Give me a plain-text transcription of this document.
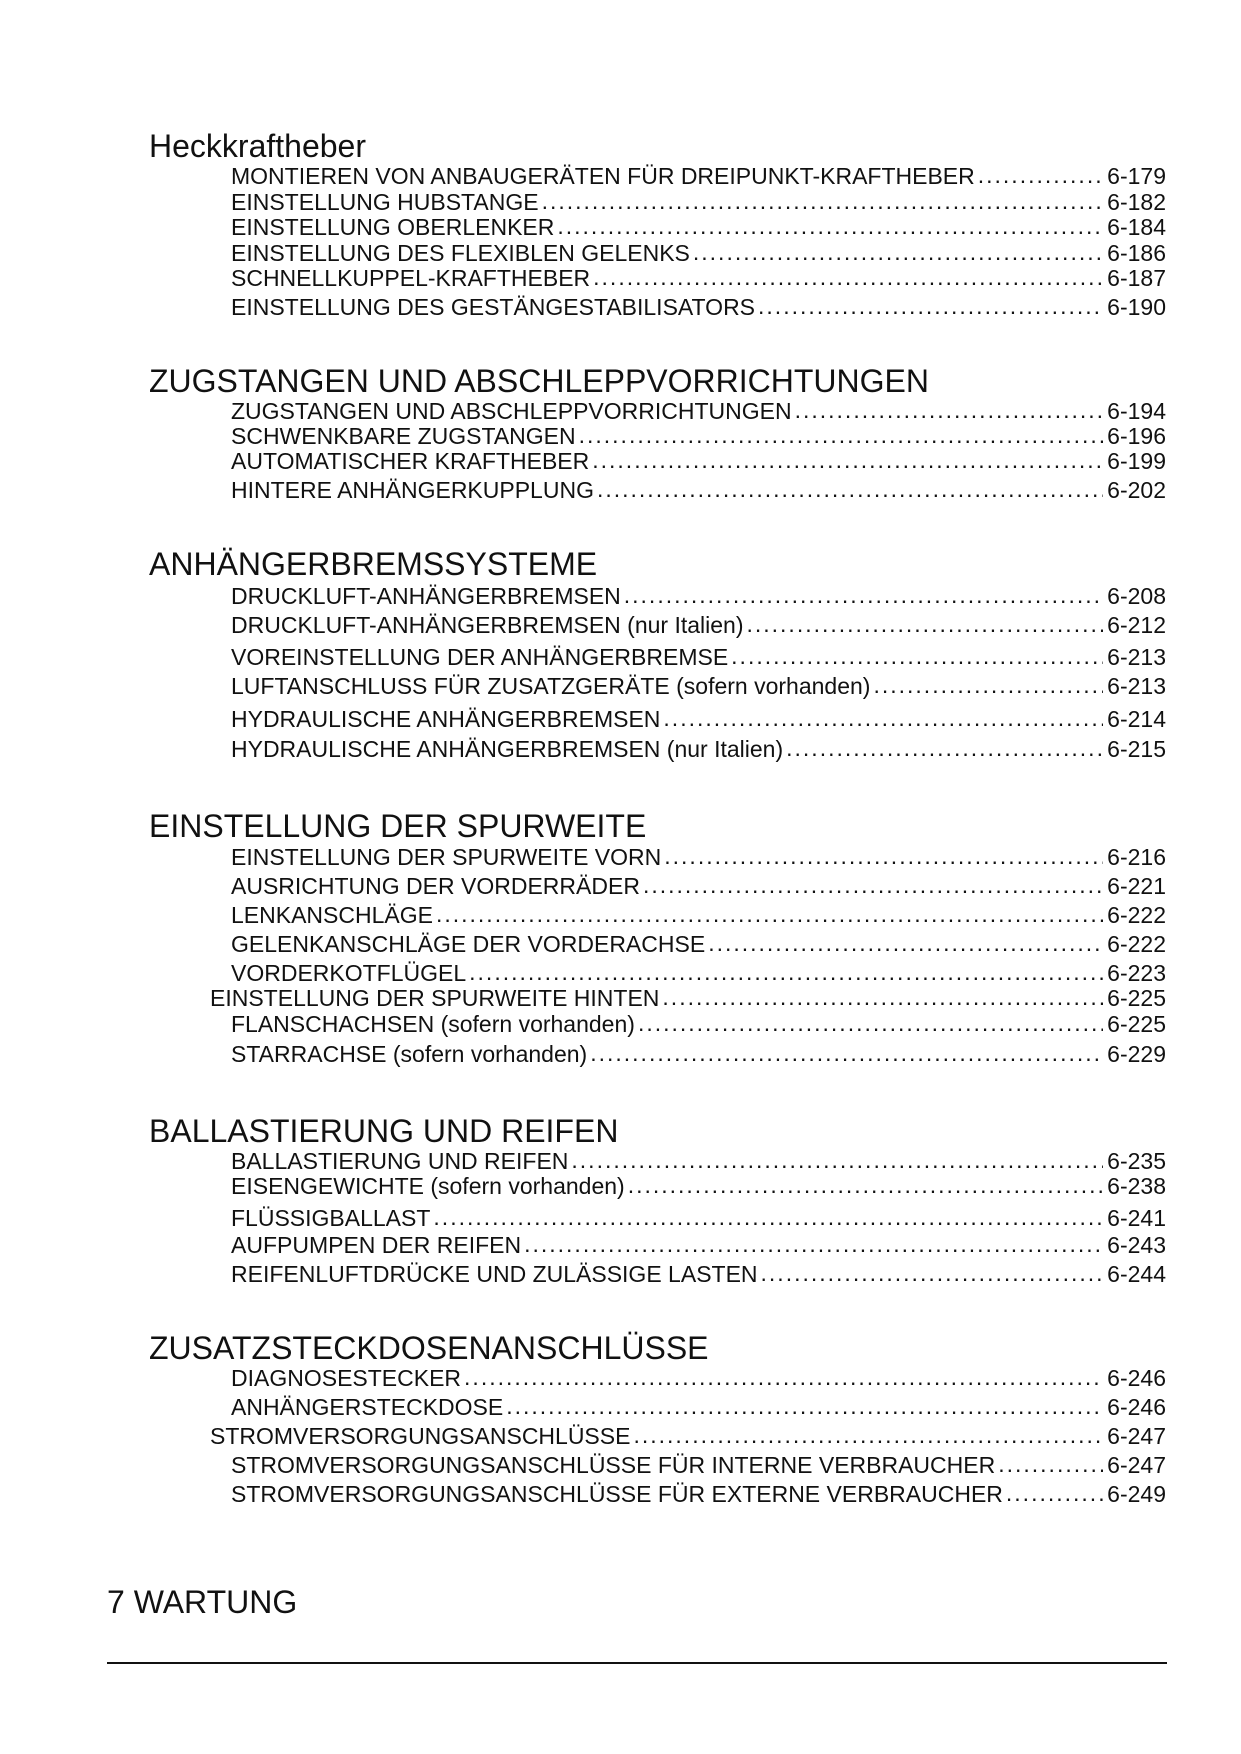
Heckkraftheber
MONTIEREN VON ANBAUGERÄTEN FÜR DREIPUNKT-KRAFTHEBER .....	6-179
EINSTELLUNG HUBSTANGE .....	6-182
EINSTELLUNG OBERLENKER .....	6-184
EINSTELLUNG DES FLEXIBLEN GELENKS .....	6-186
SCHNELLKUPPEL-KRAFTHEBER .....	6-187
EINSTELLUNG DES GESTÄNGESTABILISATORS .....	6-190
ZUGSTANGEN UND ABSCHLEPPVORRICHTUNGEN
ZUGSTANGEN UND ABSCHLEPPVORRICHTUNGEN .....	6-194
SCHWENKBARE ZUGSTANGEN .....	6-196
AUTOMATISCHER KRAFTHEBER .....	6-199
HINTERE ANHÄNGERKUPPLUNG .....	6-202
ANHÄNGERBREMSSYSTEME
DRUCKLUFT-ANHÄNGERBREMSEN .....	6-208
DRUCKLUFT-ANHÄNGERBREMSEN (nur Italien) .....	6-212
VOREINSTELLUNG DER ANHÄNGERBREMSE .....	6-213
LUFTANSCHLUSS FÜR ZUSATZGERÄTE (sofern vorhanden) .....	6-213
HYDRAULISCHE ANHÄNGERBREMSEN .....	6-214
HYDRAULISCHE ANHÄNGERBREMSEN (nur Italien) .....	6-215
EINSTELLUNG DER SPURWEITE
EINSTELLUNG DER SPURWEITE VORN .....	6-216
AUSRICHTUNG DER VORDERRÄDER .....	6-221
LENKANSCHLÄGE .....	6-222
GELENKANSCHLÄGE DER VORDERACHSE .....	6-222
VORDERKOTFLÜGEL .....	6-223
EINSTELLUNG DER SPURWEITE HINTEN .....	6-225
FLANSCHACHSEN (sofern vorhanden) .....	6-225
STARRACHSE (sofern vorhanden) .....	6-229
BALLASTIERUNG UND REIFEN
BALLASTIERUNG UND REIFEN .....	6-235
EISENGEWICHTE (sofern vorhanden) .....	6-238
FLÜSSIGBALLAST .....	6-241
AUFPUMPEN DER REIFEN .....	6-243
REIFENLUFTDRÜCKE UND ZULÄSSIGE LASTEN .....	6-244
ZUSATZSTECKDOSENANSCHLÜSSE
DIAGNOSESTECKER .....	6-246
ANHÄNGERSTECKDOSE .....	6-246
STROMVERSORGUNGSANSCHLÜSSE .....	6-247
STROMVERSORGUNGSANSCHLÜSSE FÜR INTERNE VERBRAUCHER .....	6-247
STROMVERSORGUNGSANSCHLÜSSE FÜR EXTERNE VERBRAUCHER .....	6-249
7 WARTUNG
